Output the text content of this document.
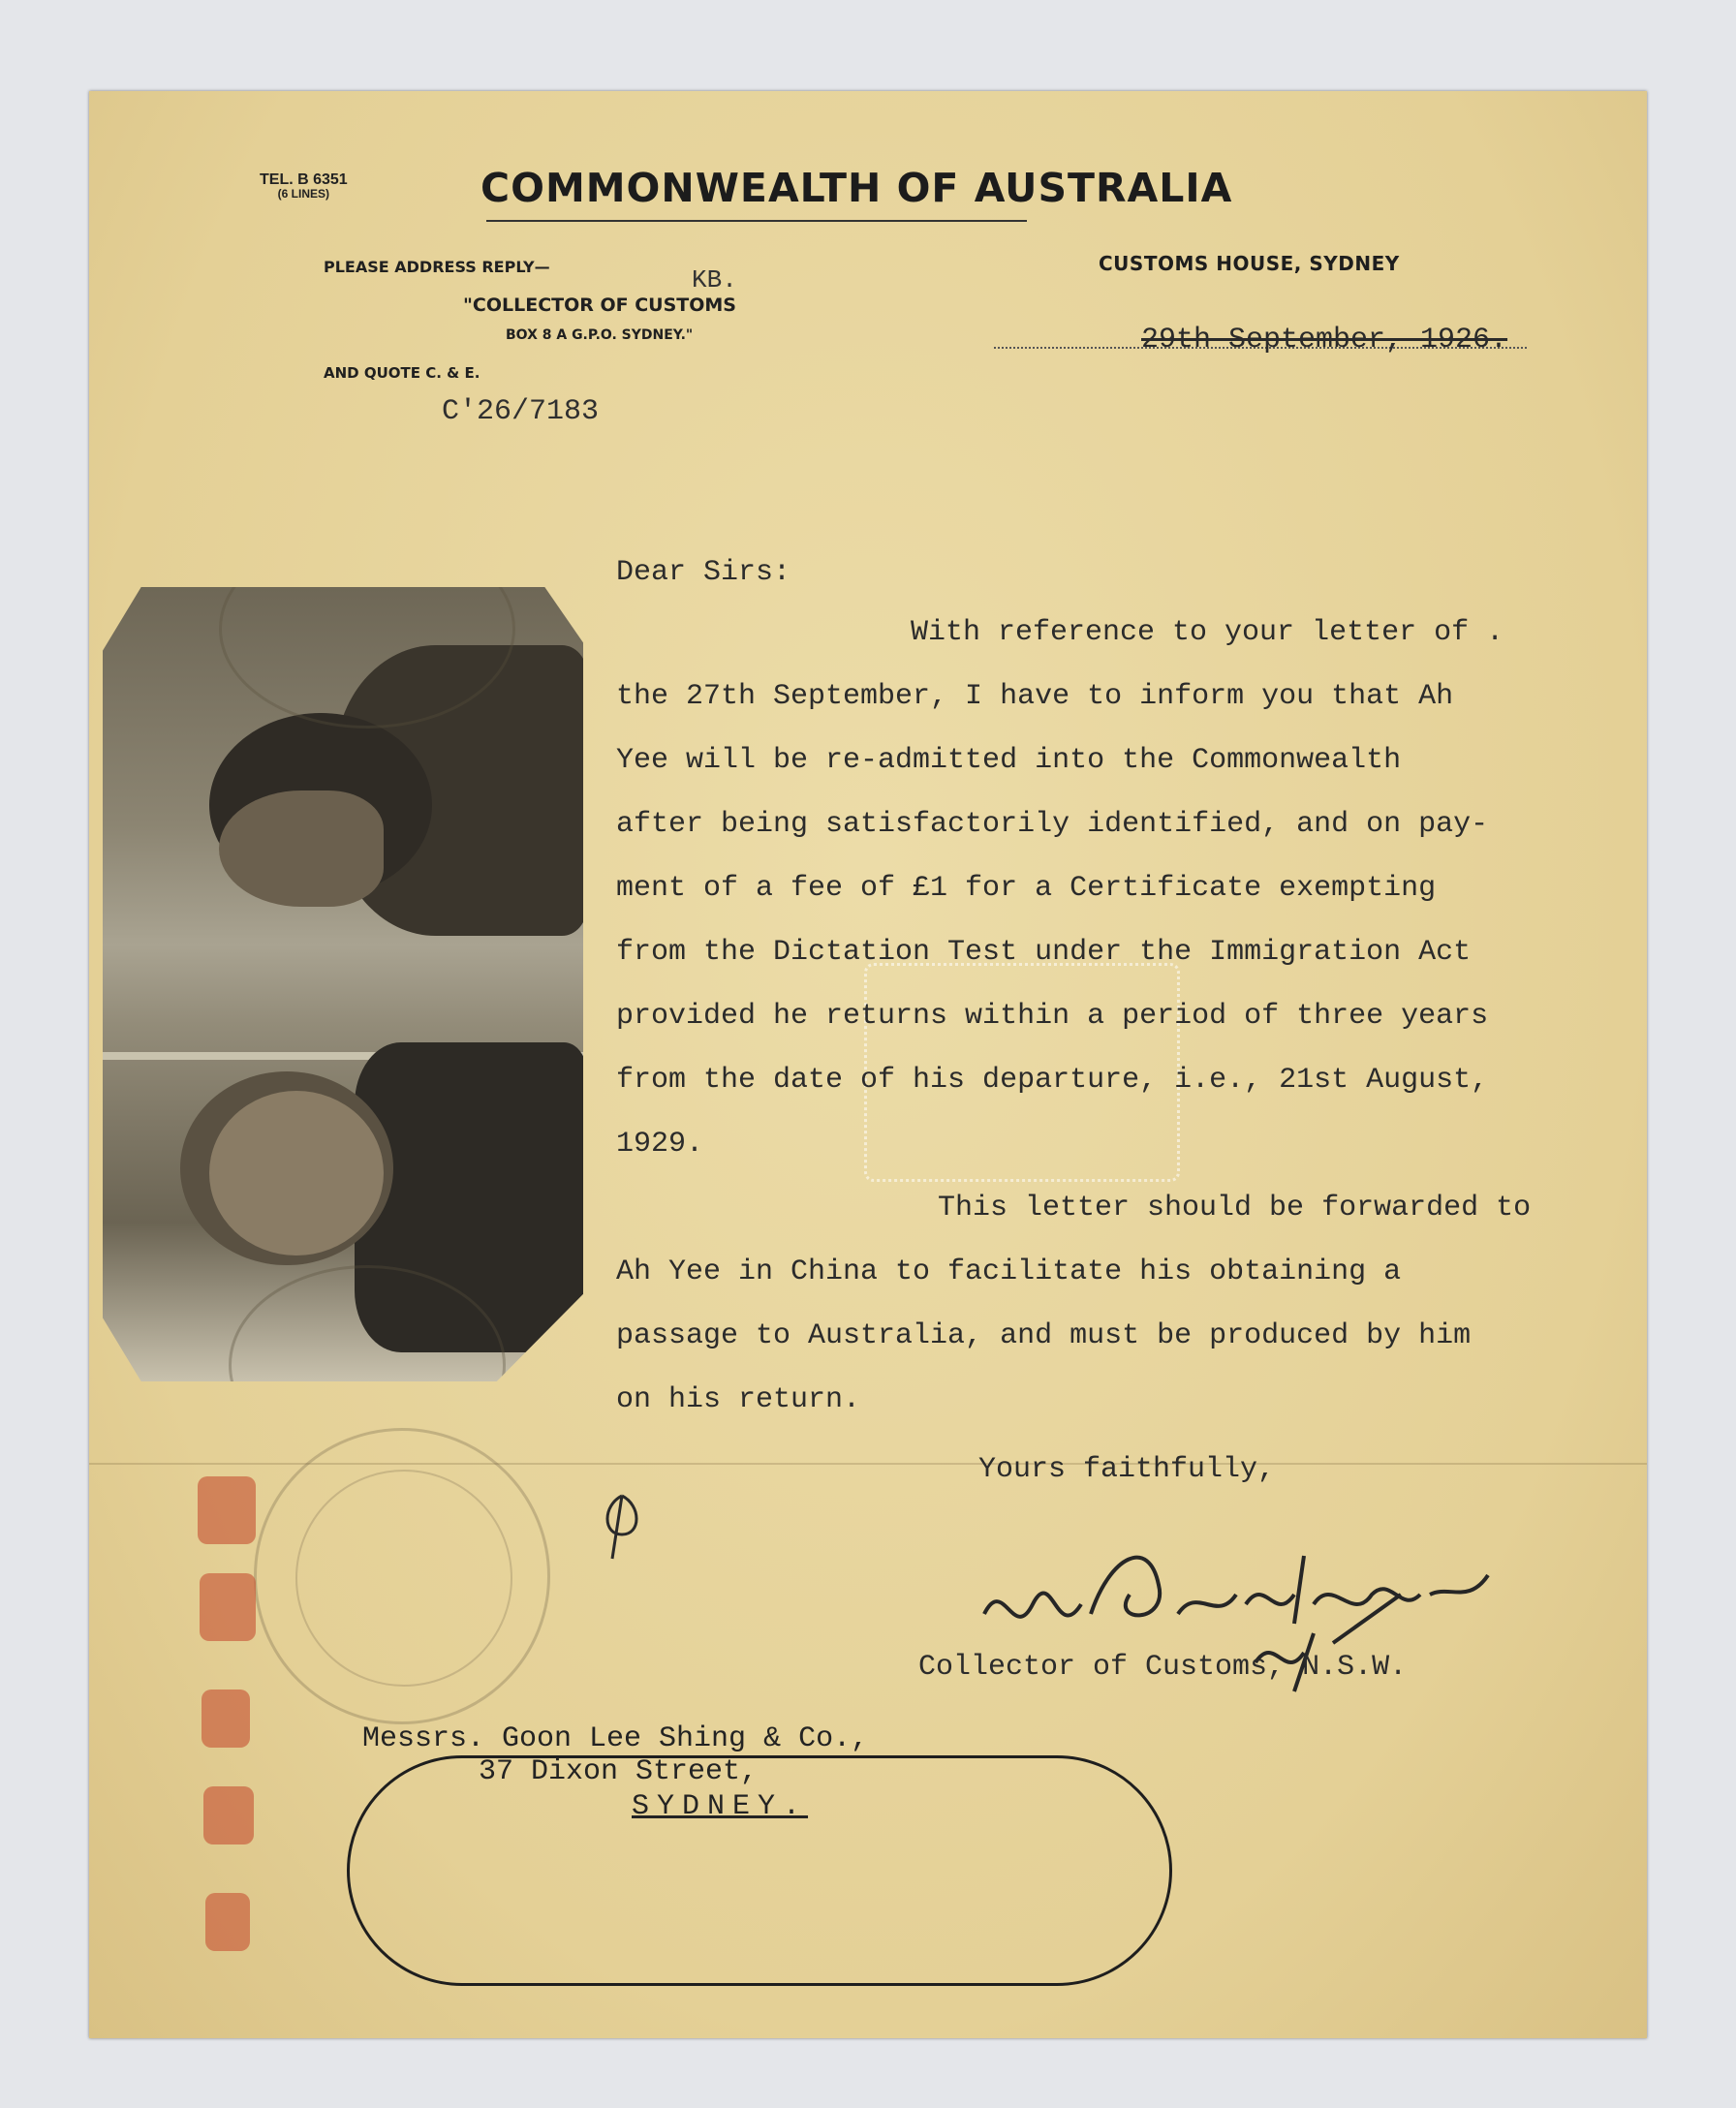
TEL. B 6351
(6 LINES)	COMMONWEALTH OF AUSTRALIA
PLEASE ADDRESS REPLY—	KB.
"COLLECTOR OF CUSTOMS
BOX 8 A G.P.O. SYDNEY."
AND QUOTE C. & E.
C'26/7183
CUSTOMS HOUSE, SYDNEY
29th September, 1926.
Dear Sirs:
With reference to your letter of .
the 27th September, I have to inform you that Ah
Yee will be re-admitted into the Commonwealth
after being satisfactorily identified, and on pay-
ment of a fee of £1 for a Certificate exempting
from the Dictation Test under the Immigration Act
provided he returns within a period of three years
from the date of his departure, i.e., 21st August,
1929.
This letter should be forwarded to
Ah Yee in China to facilitate his obtaining a
passage to Australia, and must be produced by him
on his return.
Yours faithfully,
Collector of Customs, N.S.W.
Messrs. Goon Lee Shing & Co.,
37 Dixon Street,
SYDNEY.
